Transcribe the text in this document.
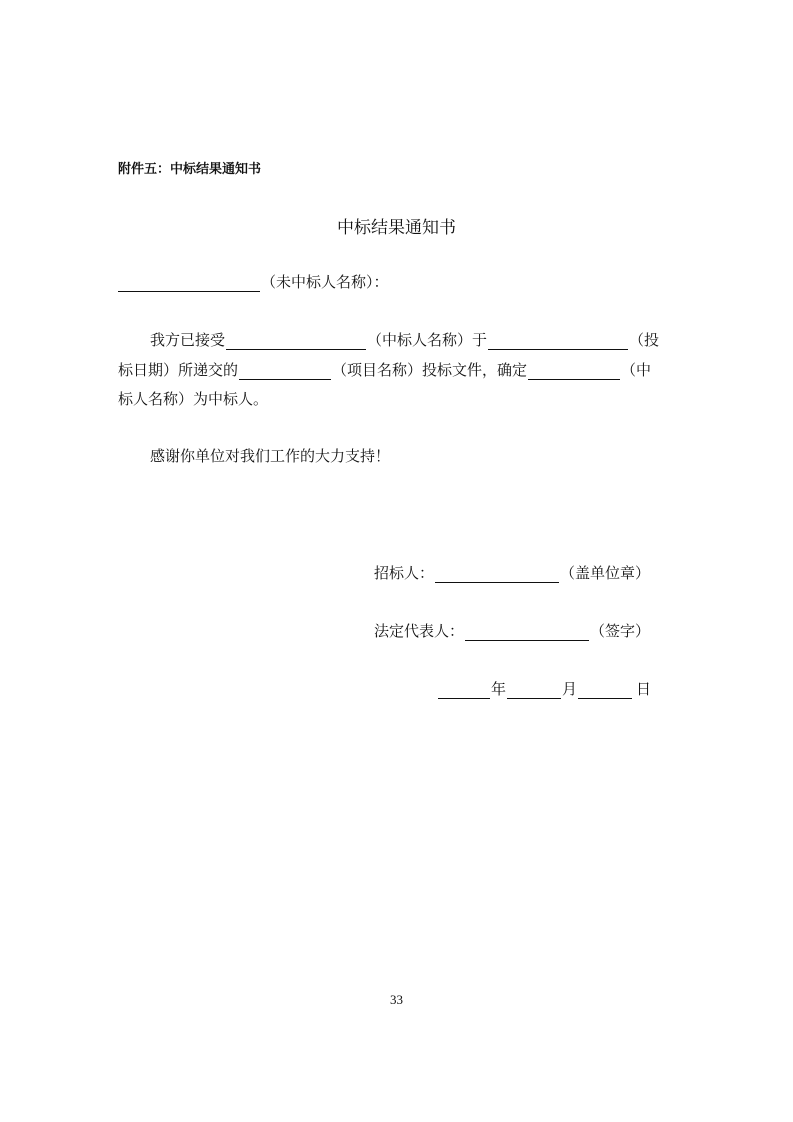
附件五：中标结果通知书
中标结果通知书
（未中标人名称）：
我方已接受	（中标人名称）于	（投
标日期）所递交的	（项目名称）投标文件，确定	（中
标人名称）为中标人。
感谢你单位对我们工作的大力支持！
招标人：	（盖单位章）
法定代表人：	（签字）
年	月	日
33
